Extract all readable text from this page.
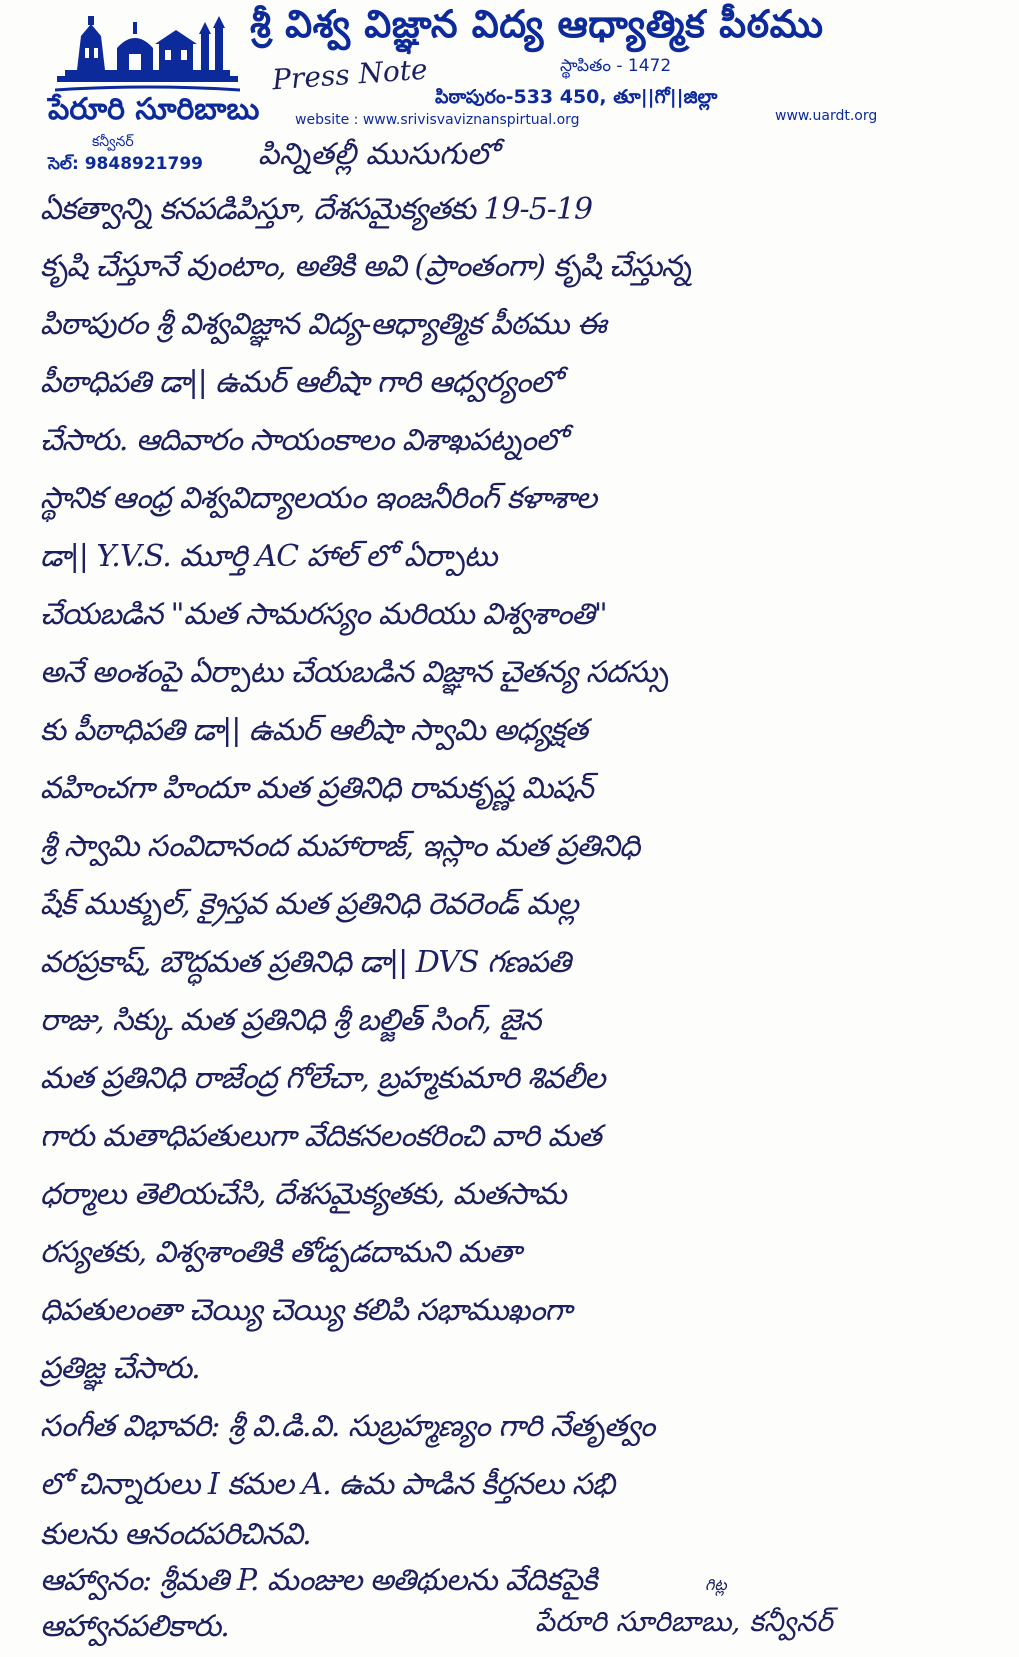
శ్రీ విశ్వ విజ్ఞాన విద్య ఆధ్యాత్మిక పీఠము
స్థాపితం - 1472
Press Note
పిఠాపురం-533 450, తూ||గో||జిల్లా
website : www.srivisvaviznanspirtual.org	www.uardt.org
పేరూరి సూరిబాబు
కన్వీనర్
సెల్: 9848921799 పిన్నితల్లీ ముసుగులో
ఏకత్వాన్ని కనపడిపిస్తూ, దేశసమైక్యతకు 19-5-19
కృషి చేస్తూనే వుంటాం, అతికి అవి (ప్రాంతంగా) కృషి చేస్తున్న
పిఠాపురం శ్రీ విశ్వవిజ్ఞాన విద్య-ఆధ్యాత్మిక పీఠము ఈ
పీఠాధిపతి డా|| ఉమర్ ఆలీషా గారి ఆధ్వర్యంలో
చేసారు. ఆదివారం సాయంకాలం విశాఖపట్నంలో
స్థానిక ఆంధ్ర విశ్వవిద్యాలయం ఇంజనీరింగ్ కళాశాల
డా|| Y.V.S. మూర్తి AC హాల్ లో ఏర్పాటు
చేయబడిన "మత సామరస్యం మరియు విశ్వశాంతి"
అనే అంశంపై ఏర్పాటు చేయబడిన విజ్ఞాన చైతన్య సదస్సు
కు పీఠాధిపతి డా|| ఉమర్ ఆలీషా స్వామి అధ్యక్షత
వహించగా హిందూ మత ప్రతినిధి రామకృష్ణ మిషన్
శ్రీ స్వామి సంవిదానంద మహారాజ్, ఇస్లాం మత ప్రతినిధి
షేక్ ముక్బుల్, క్రైస్తవ మత ప్రతినిధి రెవరెండ్ మల్ల
వరప్రకాష్, బౌద్ధమత ప్రతినిధి డా|| DVS గణపతి
రాజు, సిక్కు మత ప్రతినిధి శ్రీ బల్జిత్ సింగ్, జైన
మత ప్రతినిధి రాజేంద్ర గోలేచా, బ్రహ్మకుమారి శివలీల
గారు మతాధిపతులుగా వేదికనలంకరించి వారి మత
ధర్మాలు తెలియచేసి, దేశసమైక్యతకు, మతసామ
రస్యతకు, విశ్వశాంతికి తోడ్పడదామని మతా
ధిపతులంతా చెయ్యి చెయ్యి కలిపి సభాముఖంగా
ప్రతిజ్ఞ చేసారు.
సంగీత విభావరి: శ్రీ వి.డి.వి. సుబ్రహ్మణ్యం గారి నేతృత్వం
లో చిన్నారులు I కమల A. ఉమ పాడిన కీర్తనలు సభి
కులను ఆనందపరిచినవి.
ఆహ్వానం: శ్రీమతి P. మంజుల అతిథులను వేదికపైకి
ఆహ్వానపలికారు.
గిట్ల
పేరూరి సూరిబాబు, కన్వీనర్
